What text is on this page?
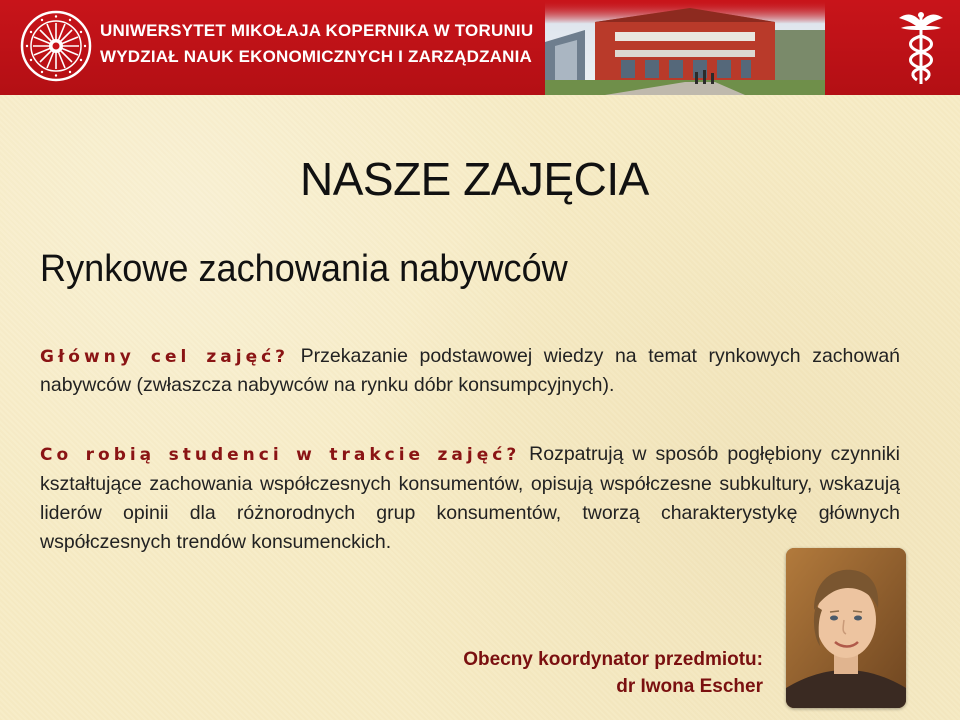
UNIWERSYTET MIKOŁAJA KOPERNIKA W TORUNIU
WYDZIAŁ NAUK EKONOMICZNYCH I ZARZĄDZANIA
NASZE ZAJĘCIA
Rynkowe zachowania nabywców
Główny cel zajęć? Przekazanie podstawowej wiedzy na temat rynkowych zachowań nabywców (zwłaszcza nabywców na rynku dóbr konsumpcyjnych).
Co robią studenci w trakcie zajęć? Rozpatrują w sposób pogłębiony czynniki kształtujące zachowania współczesnych konsumentów, opisują współczesne subkultury, wskazują liderów opinii dla różnorodnych grup konsumentów, tworzą charakterystykę głównych współczesnych trendów konsumenckich.
Obecny koordynator przedmiotu:
dr Iwona Escher
